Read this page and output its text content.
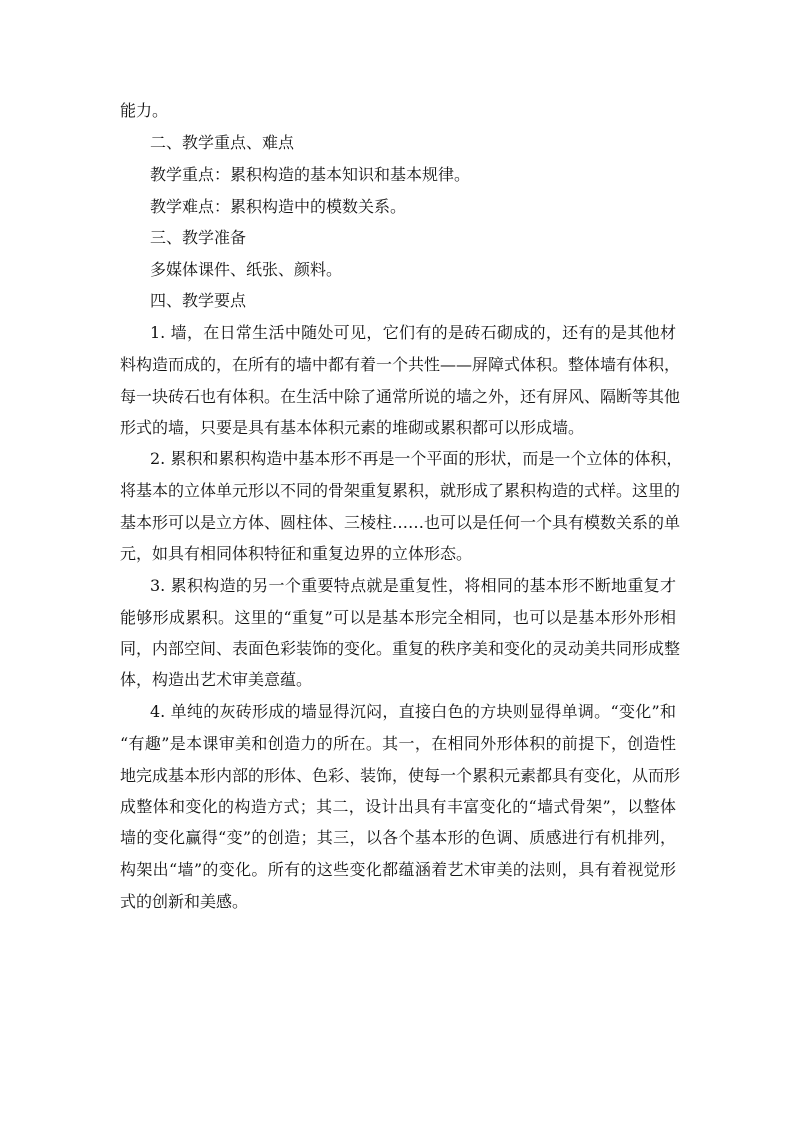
能力。
二、教学重点、难点
教学重点：累积构造的基本知识和基本规律。
教学难点：累积构造中的模数关系。
三、教学准备
多媒体课件、纸张、颜料。
四、教学要点
1. 墙，在日常生活中随处可见，它们有的是砖石砌成的，还有的是其他材
料构造而成的，在所有的墙中都有着一个共性——屏障式体积。整体墙有体积，
每一块砖石也有体积。在生活中除了通常所说的墙之外，还有屏风、隔断等其他
形式的墙，只要是具有基本体积元素的堆砌或累积都可以形成墙。
2. 累积和累积构造中基本形不再是一个平面的形状，而是一个立体的体积，
将基本的立体单元形以不同的骨架重复累积，就形成了累积构造的式样。这里的
基本形可以是立方体、圆柱体、三棱柱……也可以是任何一个具有模数关系的单
元，如具有相同体积特征和重复边界的立体形态。
3. 累积构造的另一个重要特点就是重复性，将相同的基本形不断地重复才
能够形成累积。这里的“重复”可以是基本形完全相同，也可以是基本形外形相
同，内部空间、表面色彩装饰的变化。重复的秩序美和变化的灵动美共同形成整
体，构造出艺术审美意蕴。
4. 单纯的灰砖形成的墙显得沉闷，直接白色的方块则显得单调。“变化”和
“有趣”是本课审美和创造力的所在。其一，在相同外形体积的前提下，创造性
地完成基本形内部的形体、色彩、装饰，使每一个累积元素都具有变化，从而形
成整体和变化的构造方式；其二，设计出具有丰富变化的“墙式骨架”，以整体
墙的变化赢得“变”的创造；其三，以各个基本形的色调、质感进行有机排列，
构架出“墙”的变化。所有的这些变化都蕴涵着艺术审美的法则，具有着视觉形
式的创新和美感。
